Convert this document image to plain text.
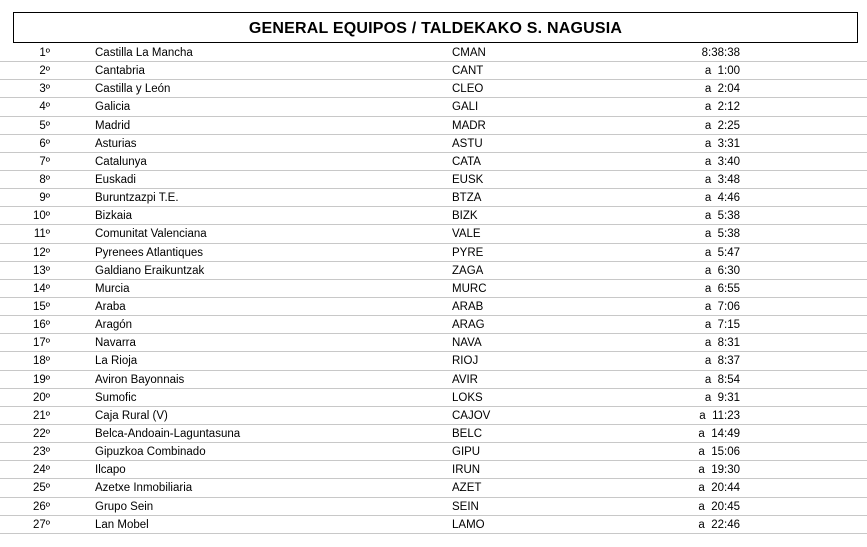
GENERAL EQUIPOS / TALDEKAKO S. NAGUSIA
1º	Castilla La Mancha	CMAN	8:38:38
2º	Cantabria	CANT	a  1:00
3º	Castilla y León	CLEO	a  2:04
4º	Galicia	GALI	a  2:12
5º	Madrid	MADR	a  2:25
6º	Asturias	ASTU	a  3:31
7º	Catalunya	CATA	a  3:40
8º	Euskadi	EUSK	a  3:48
9º	Buruntzazpi T.E.	BTZA	a  4:46
10º	Bizkaia	BIZK	a  5:38
11º	Comunitat Valenciana	VALE	a  5:38
12º	Pyrenees Atlantiques	PYRE	a  5:47
13º	Galdiano Eraikuntzak	ZAGA	a  6:30
14º	Murcia	MURC	a  6:55
15º	Araba	ARAB	a  7:06
16º	Aragón	ARAG	a  7:15
17º	Navarra	NAVA	a  8:31
18º	La Rioja	RIOJ	a  8:37
19º	Aviron Bayonnais	AVIR	a  8:54
20º	Sumofic	LOKS	a  9:31
21º	Caja Rural (V)	CAJOV	a  11:23
22º	Belca-Andoain-Laguntasuna	BELC	a  14:49
23º	Gipuzkoa Combinado	GIPU	a  15:06
24º	Ilcapo	IRUN	a  19:30
25º	Azetxe Inmobiliaria	AZET	a  20:44
26º	Grupo Sein	SEIN	a  20:45
27º	Lan Mobel	LAMO	a  22:46
